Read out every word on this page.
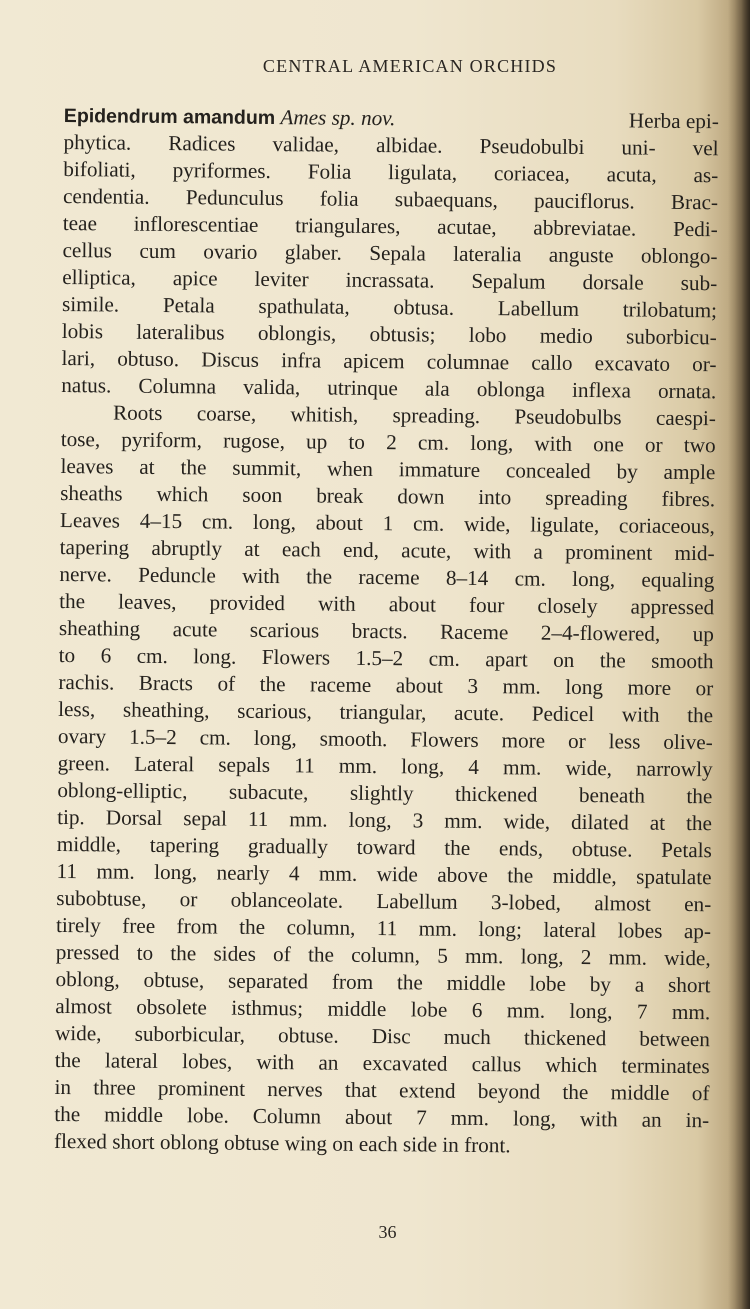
CENTRAL AMERICAN ORCHIDS
Epidendrum amandum Ames sp. nov.	Herba epi-
phytica. Radices validae, albidae. Pseudobulbi uni- vel
bifoliati, pyriformes. Folia ligulata, coriacea, acuta, as-
cendentia. Pedunculus folia subaequans, pauciflorus. Brac-
teae inflorescentiae triangulares, acutae, abbreviatae. Pedi-
cellus cum ovario glaber. Sepala lateralia anguste oblongo-
elliptica, apice leviter incrassata. Sepalum dorsale sub-
simile. Petala spathulata, obtusa. Labellum trilobatum;
lobis lateralibus oblongis, obtusis; lobo medio suborbicu-
lari, obtuso. Discus infra apicem columnae callo excavato or-
natus. Columna valida, utrinque ala oblonga inflexa ornata.
Roots coarse, whitish, spreading. Pseudobulbs caespi-
tose, pyriform, rugose, up to 2 cm. long, with one or two
leaves at the summit, when immature concealed by ample
sheaths which soon break down into spreading fibres.
Leaves 4–15 cm. long, about 1 cm. wide, ligulate, coriaceous,
tapering abruptly at each end, acute, with a prominent mid-
nerve. Peduncle with the raceme 8–14 cm. long, equaling
the leaves, provided with about four closely appressed
sheathing acute scarious bracts. Raceme 2–4-flowered, up
to 6 cm. long. Flowers 1.5–2 cm. apart on the smooth
rachis. Bracts of the raceme about 3 mm. long more or
less, sheathing, scarious, triangular, acute. Pedicel with the
ovary 1.5–2 cm. long, smooth. Flowers more or less olive-
green. Lateral sepals 11 mm. long, 4 mm. wide, narrowly
oblong-elliptic, subacute, slightly thickened beneath the
tip. Dorsal sepal 11 mm. long, 3 mm. wide, dilated at the
middle, tapering gradually toward the ends, obtuse. Petals
11 mm. long, nearly 4 mm. wide above the middle, spatulate
subobtuse, or oblanceolate. Labellum 3-lobed, almost en-
tirely free from the column, 11 mm. long; lateral lobes ap-
pressed to the sides of the column, 5 mm. long, 2 mm. wide,
oblong, obtuse, separated from the middle lobe by a short
almost obsolete isthmus; middle lobe 6 mm. long, 7 mm.
wide, suborbicular, obtuse. Disc much thickened between
the lateral lobes, with an excavated callus which terminates
in three prominent nerves that extend beyond the middle of
the middle lobe. Column about 7 mm. long, with an in-
flexed short oblong obtuse wing on each side in front.
36
